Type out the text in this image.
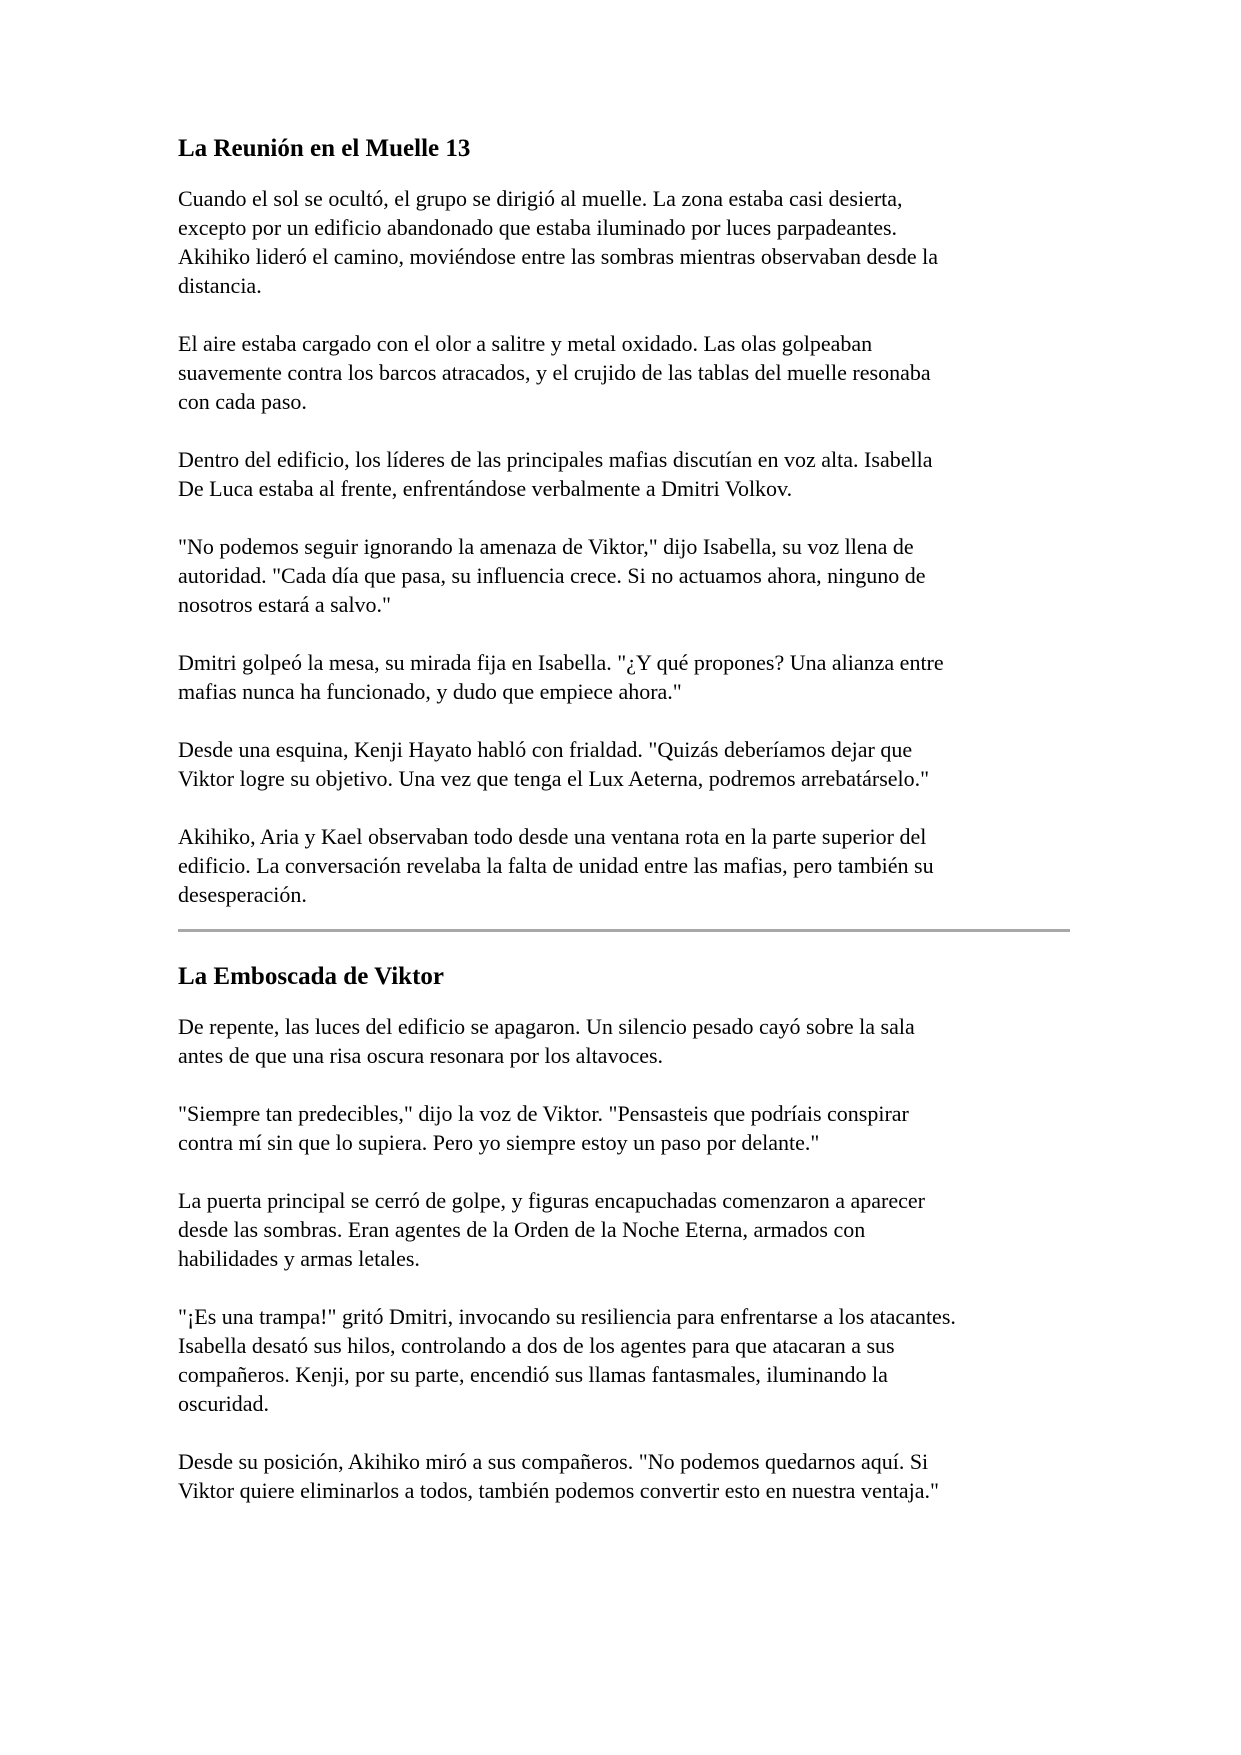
La Reunión en el Muelle 13

Cuando el sol se ocultó, el grupo se dirigió al muelle. La zona estaba casi desierta,
excepto por un edificio abandonado que estaba iluminado por luces parpadeantes.
Akihiko lideró el camino, moviéndose entre las sombras mientras observaban desde la
distancia.

El aire estaba cargado con el olor a salitre y metal oxidado. Las olas golpeaban
suavemente contra los barcos atracados, y el crujido de las tablas del muelle resonaba
con cada paso.

Dentro del edificio, los líderes de las principales mafias discutían en voz alta. Isabella
De Luca estaba al frente, enfrentándose verbalmente a Dmitri Volkov.

"No podemos seguir ignorando la amenaza de Viktor," dijo Isabella, su voz llena de
autoridad. "Cada día que pasa, su influencia crece. Si no actuamos ahora, ninguno de
nosotros estará a salvo."

Dmitri golpeó la mesa, su mirada fija en Isabella. "¿Y qué propones? Una alianza entre
mafias nunca ha funcionado, y dudo que empiece ahora."

Desde una esquina, Kenji Hayato habló con frialdad. "Quizás deberíamos dejar que
Viktor logre su objetivo. Una vez que tenga el Lux Aeterna, podremos arrebatárselo."

Akihiko, Aria y Kael observaban todo desde una ventana rota en la parte superior del
edificio. La conversación revelaba la falta de unidad entre las mafias, pero también su
desesperación.

La Emboscada de Viktor

De repente, las luces del edificio se apagaron. Un silencio pesado cayó sobre la sala
antes de que una risa oscura resonara por los altavoces.

"Siempre tan predecibles," dijo la voz de Viktor. "Pensasteis que podríais conspirar
contra mí sin que lo supiera. Pero yo siempre estoy un paso por delante."

La puerta principal se cerró de golpe, y figuras encapuchadas comenzaron a aparecer
desde las sombras. Eran agentes de la Orden de la Noche Eterna, armados con
habilidades y armas letales.

"¡Es una trampa!" gritó Dmitri, invocando su resiliencia para enfrentarse a los atacantes.
Isabella desató sus hilos, controlando a dos de los agentes para que atacaran a sus
compañeros. Kenji, por su parte, encendió sus llamas fantasmales, iluminando la
oscuridad.

Desde su posición, Akihiko miró a sus compañeros. "No podemos quedarnos aquí. Si
Viktor quiere eliminarlos a todos, también podemos convertir esto en nuestra ventaja."
